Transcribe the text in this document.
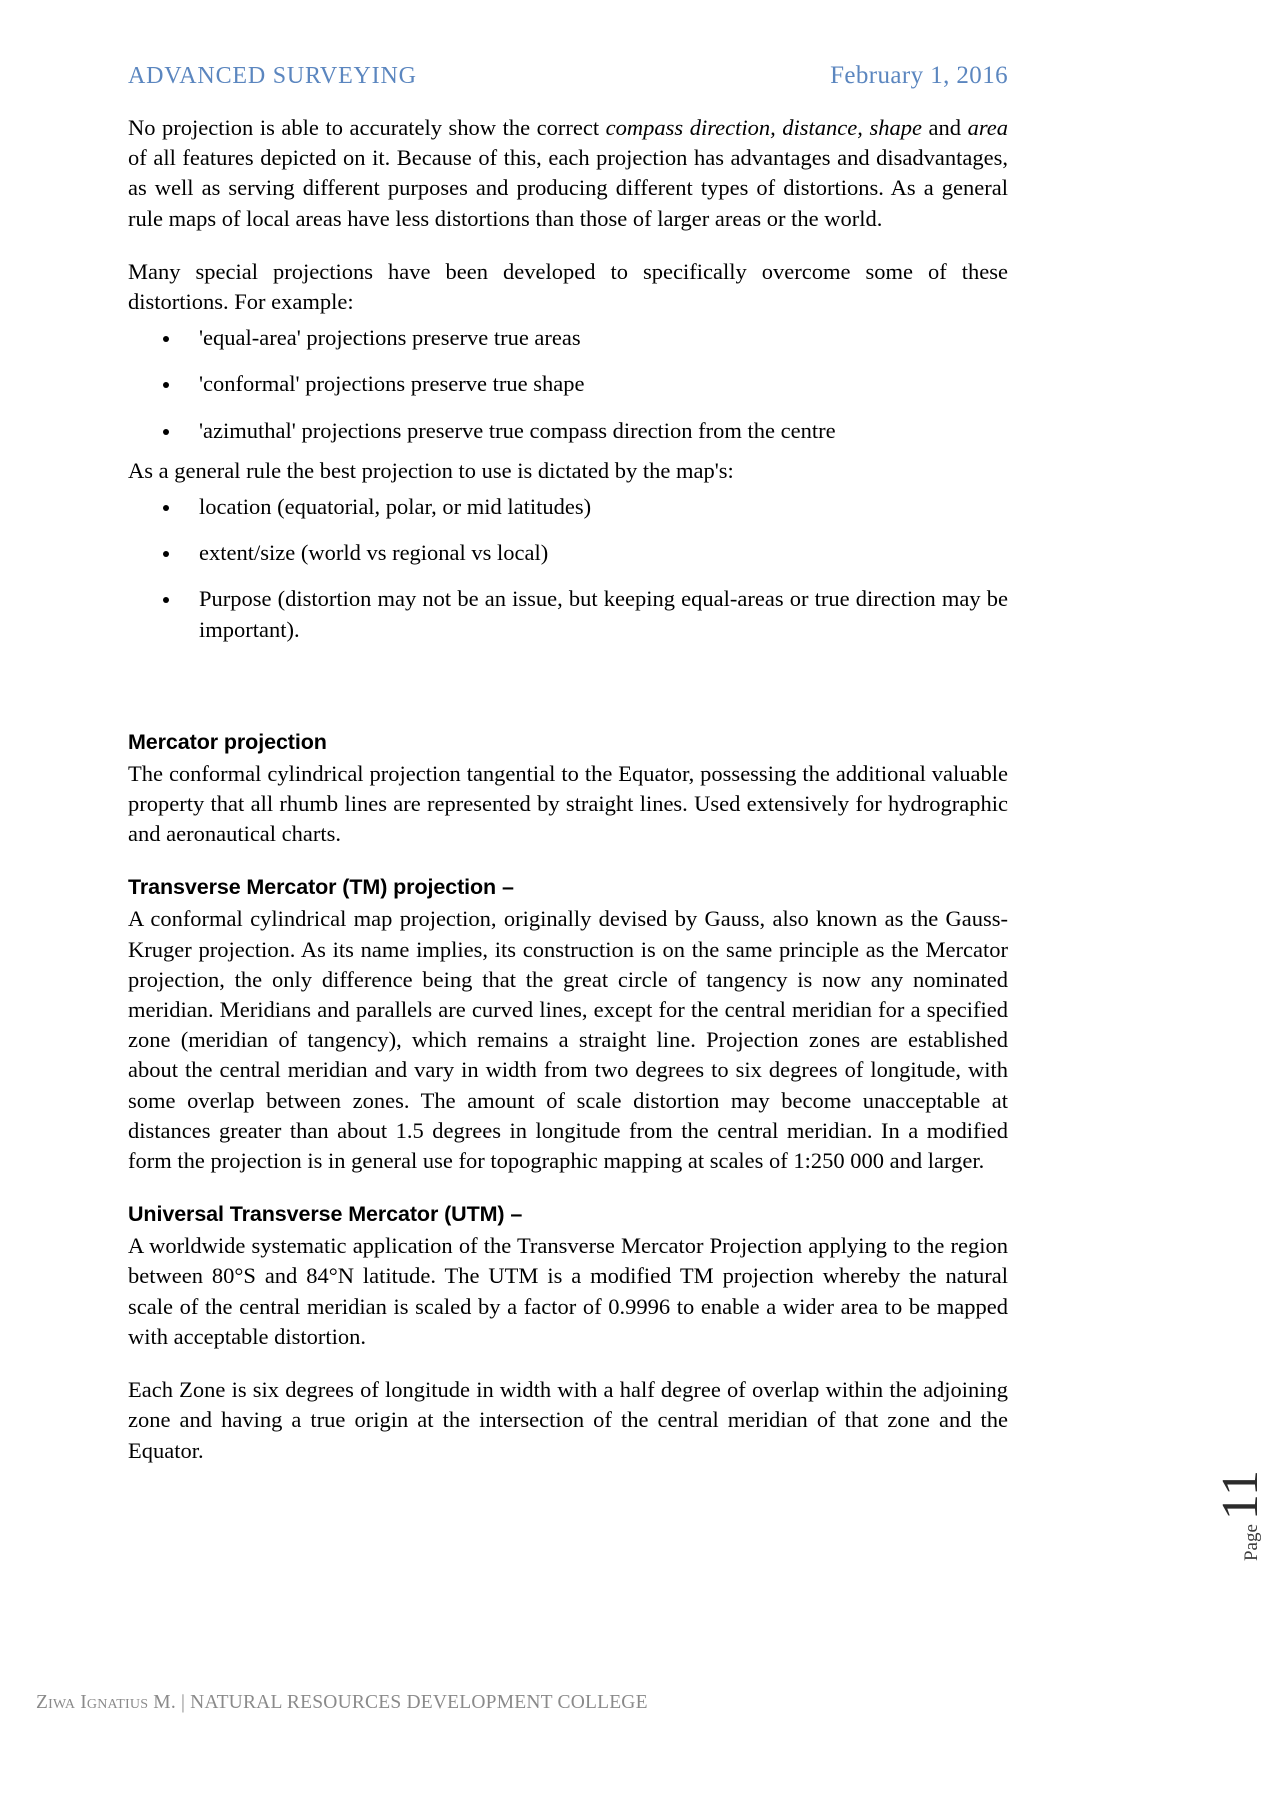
ADVANCED SURVEYING	February 1, 2016

No projection is able to accurately show the correct compass direction, distance, shape and area of all features depicted on it. Because of this, each projection has advantages and disadvantages, as well as serving different purposes and producing different types of distortions. As a general rule maps of local areas have less distortions than those of larger areas or the world.

Many special projections have been developed to specifically overcome some of these distortions. For example:

'equal-area' projections preserve true areas
'conformal' projections preserve true shape
'azimuthal' projections preserve true compass direction from the centre

As a general rule the best projection to use is dictated by the map's:

location (equatorial, polar, or mid latitudes)
extent/size (world vs regional vs local)
Purpose (distortion may not be an issue, but keeping equal-areas or true direction may be important).
Mercator projection

The conformal cylindrical projection tangential to the Equator, possessing the additional valuable property that all rhumb lines are represented by straight lines. Used extensively for hydrographic and aeronautical charts.

Transverse Mercator (TM) projection –

A conformal cylindrical map projection, originally devised by Gauss, also known as the Gauss-Kruger projection. As its name implies, its construction is on the same principle as the Mercator projection, the only difference being that the great circle of tangency is now any nominated meridian. Meridians and parallels are curved lines, except for the central meridian for a specified zone (meridian of tangency), which remains a straight line. Projection zones are established about the central meridian and vary in width from two degrees to six degrees of longitude, with some overlap between zones. The amount of scale distortion may become unacceptable at distances greater than about 1.5 degrees in longitude from the central meridian. In a modified form the projection is in general use for topographic mapping at scales of 1:250 000 and larger.

Universal Transverse Mercator (UTM) –

A worldwide systematic application of the Transverse Mercator Projection applying to the region between 80°S and 84°N latitude. The UTM is a modified TM projection whereby the natural scale of the central meridian is scaled by a factor of 0.9996 to enable a wider area to be mapped with acceptable distortion.

Each Zone is six degrees of longitude in width with a half degree of overlap within the adjoining zone and having a true origin at the intersection of the central meridian of that zone and the Equator.

Page
11
Ziwa Ignatius M. | NATURAL RESOURCES DEVELOPMENT COLLEGE
